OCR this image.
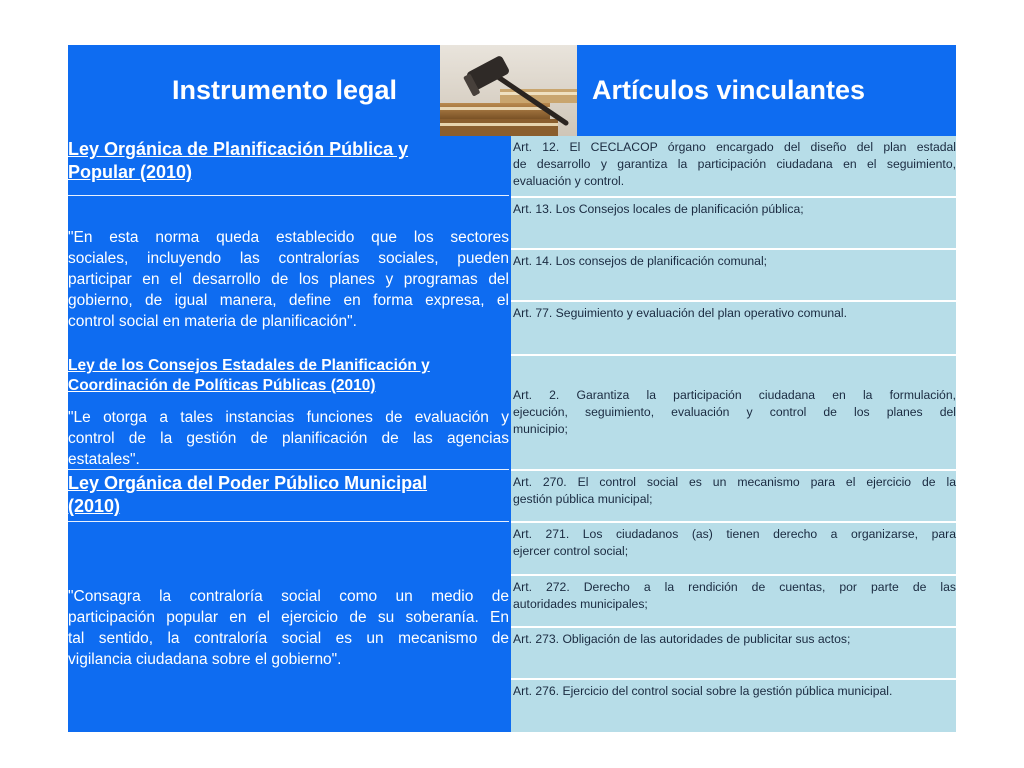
Instrumento legal	Artículos vinculantes
Ley Orgánica de Planificación Pública y
Popular (2010)
"En esta norma queda establecido que los sectores
sociales, incluyendo las contralorías sociales, pueden
participar en el desarrollo de los planes y programas del
gobierno, de igual manera, define en forma expresa, el
control social en materia de planificación".
Art. 12. El CECLACOP órgano encargado del diseño del plan estadal
de desarrollo y garantiza la participación ciudadana en el seguimiento,
evaluación y control.
Art. 13. Los Consejos locales de planificación pública;
Art. 14. Los consejos de planificación comunal;
Art. 77. Seguimiento y evaluación del plan operativo comunal.
Ley de los Consejos Estadales de Planificación y
Coordinación de Políticas Públicas (2010)
"Le otorga a tales instancias funciones de evaluación y
control de la gestión de planificación de las agencias
estatales".
Art. 2. Garantiza la participación ciudadana en la formulación,
ejecución, seguimiento, evaluación y control de los planes del
municipio;
Ley Orgánica del Poder Público Municipal
(2010)
"Consagra la contraloría social como un medio de
participación popular en el ejercicio de su soberanía. En
tal sentido, la contraloría social es un mecanismo de
vigilancia ciudadana sobre el gobierno".
Art. 270. El control social es un mecanismo para el ejercicio de la
gestión pública municipal;
Art. 271. Los ciudadanos (as) tienen derecho a organizarse, para
ejercer control social;
Art. 272. Derecho a la rendición de cuentas, por parte de las
autoridades municipales;
Art. 273. Obligación de las autoridades de publicitar sus actos;
Art. 276. Ejercicio del control social sobre la gestión pública municipal.
